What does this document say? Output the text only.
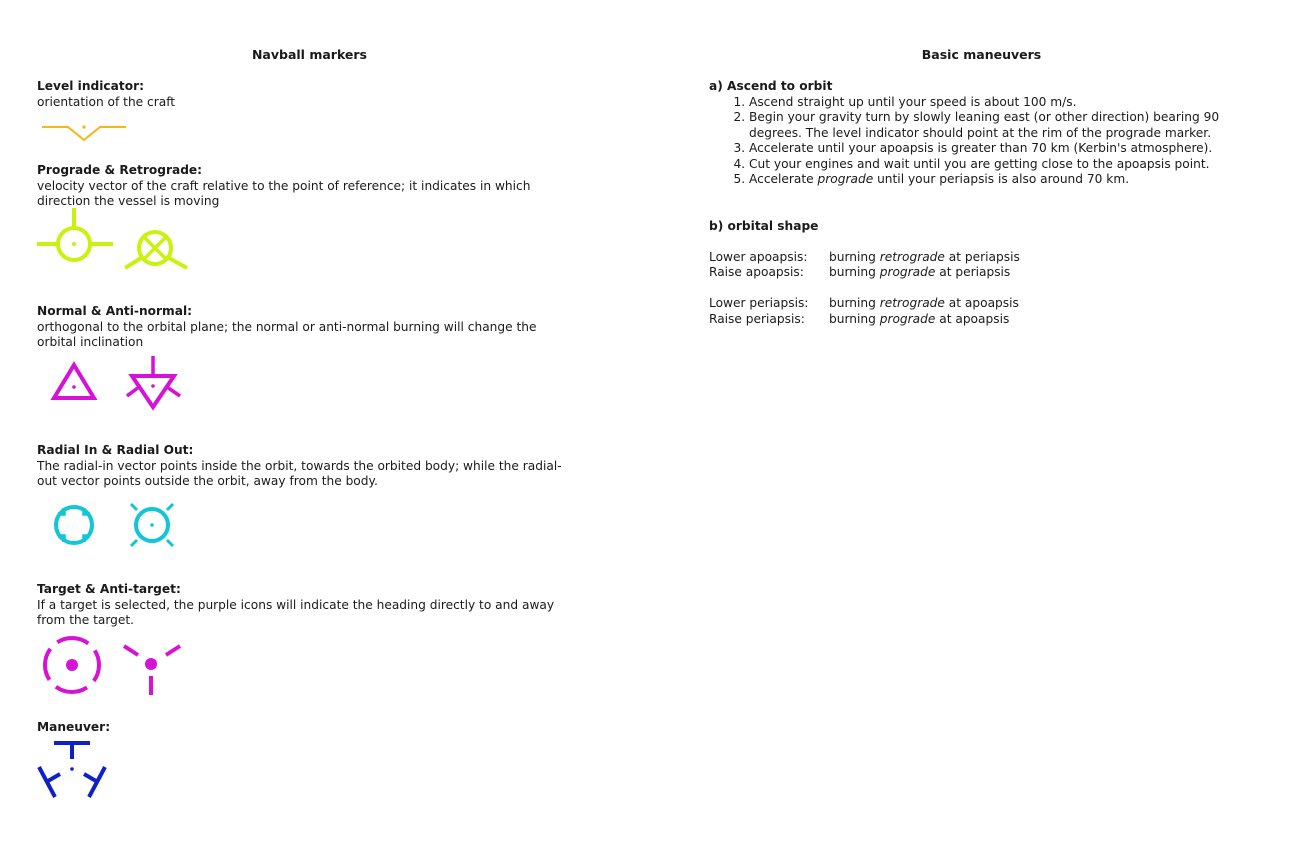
Navball markers
Level indicator:
orientation of the craft
Prograde & Retrograde:
velocity vector of the craft relative to the point of reference; it indicates in which direction the vessel is moving
Normal & Anti-normal:
orthogonal to the orbital plane; the normal or anti-normal burning will change the orbital inclination
Radial In & Radial Out:
The radial-in vector points inside the orbit, towards the orbited body; while the radial-out vector points outside the orbit, away from the body.
Target & Anti-target:
If a target is selected, the purple icons will indicate the heading directly to and away from the target.
Maneuver:
Basic maneuvers
a) Ascend to orbit
1. Ascend straight up until your speed is about 100 m/s.
2. Begin your gravity turn by slowly leaning east (or other direction) bearing 90 degrees. The level indicator should point at the rim of the prograde marker.
3. Accelerate until your apoapsis is greater than 70 km (Kerbin's atmosphere).
4. Cut your engines and wait until you are getting close to the apoapsis point.
5. Accelerate prograde until your periapsis is also around 70 km.
b) orbital shape
Lower apoapsis:	burning retrograde at periapsis
Raise apoapsis:	burning prograde at periapsis
Lower periapsis:	burning retrograde at apoapsis
Raise periapsis:	burning prograde at apoapsis
